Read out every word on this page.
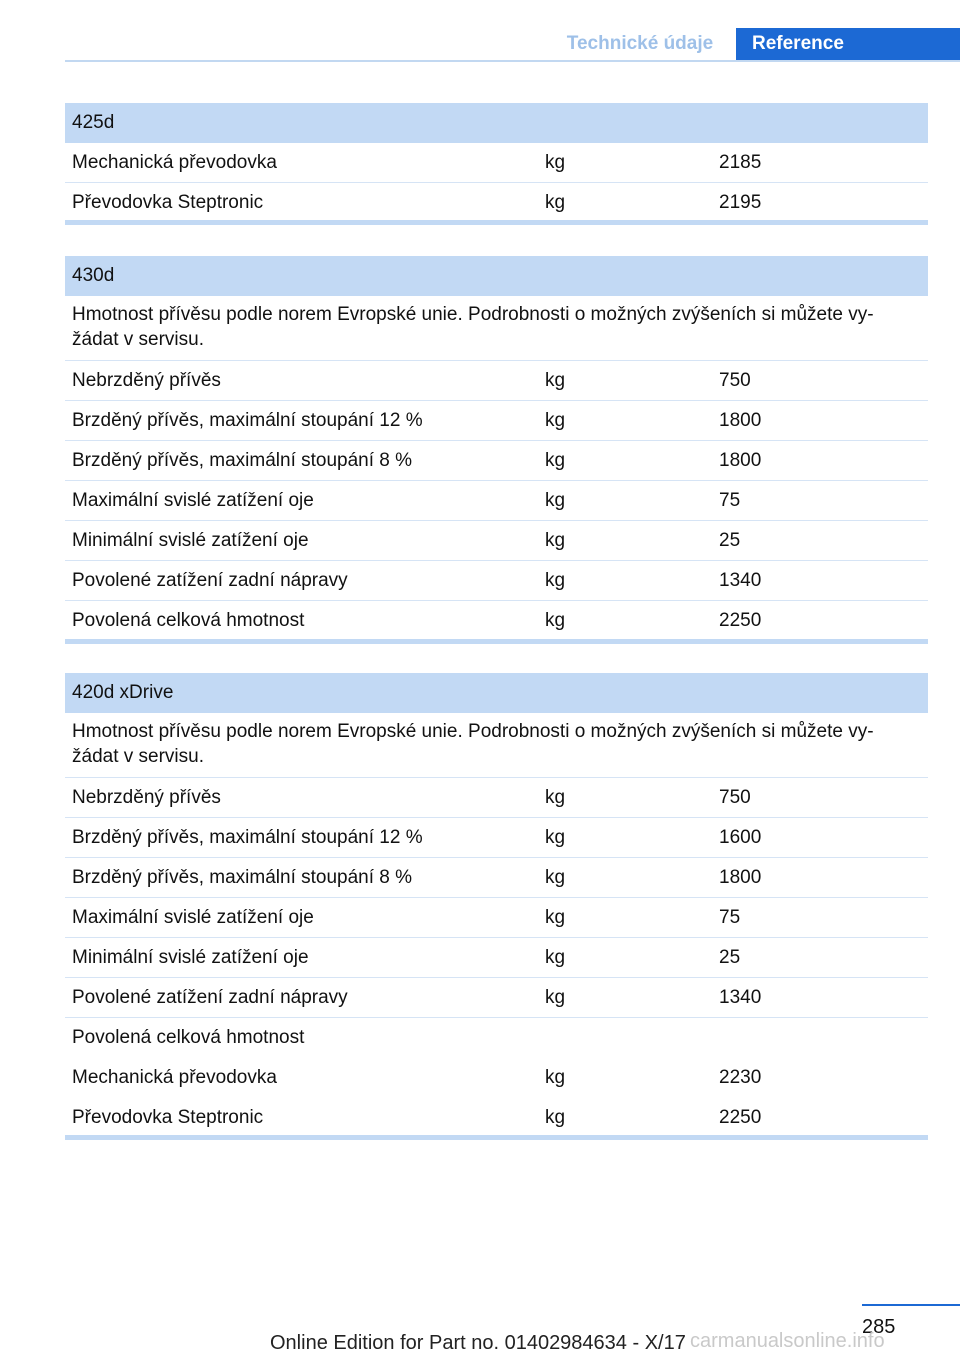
Technické údaje	Reference
425d
Mechanická převodovka	kg	2185
Převodovka Steptronic	kg	2195
430d
Hmotnost přívěsu podle norem Evropské unie. Podrobnosti o možných zvýšeních si můžete vy-žádat v servisu.
Nebrzděný přívěs	kg	750
Brzděný přívěs, maximální stoupání 12 %	kg	1800
Brzděný přívěs, maximální stoupání 8 %	kg	1800
Maximální svislé zatížení oje	kg	75
Minimální svislé zatížení oje	kg	25
Povolené zatížení zadní nápravy	kg	1340
Povolená celková hmotnost	kg	2250
420d xDrive
Hmotnost přívěsu podle norem Evropské unie. Podrobnosti o možných zvýšeních si můžete vy-žádat v servisu.
Nebrzděný přívěs	kg	750
Brzděný přívěs, maximální stoupání 12 %	kg	1600
Brzděný přívěs, maximální stoupání 8 %	kg	1800
Maximální svislé zatížení oje	kg	75
Minimální svislé zatížení oje	kg	25
Povolené zatížení zadní nápravy	kg	1340
Povolená celková hmotnost
Mechanická převodovka	kg	2230
Převodovka Steptronic	kg	2250
285
Online Edition for Part no. 01402984634 - X/17 carmanualsonline.info
